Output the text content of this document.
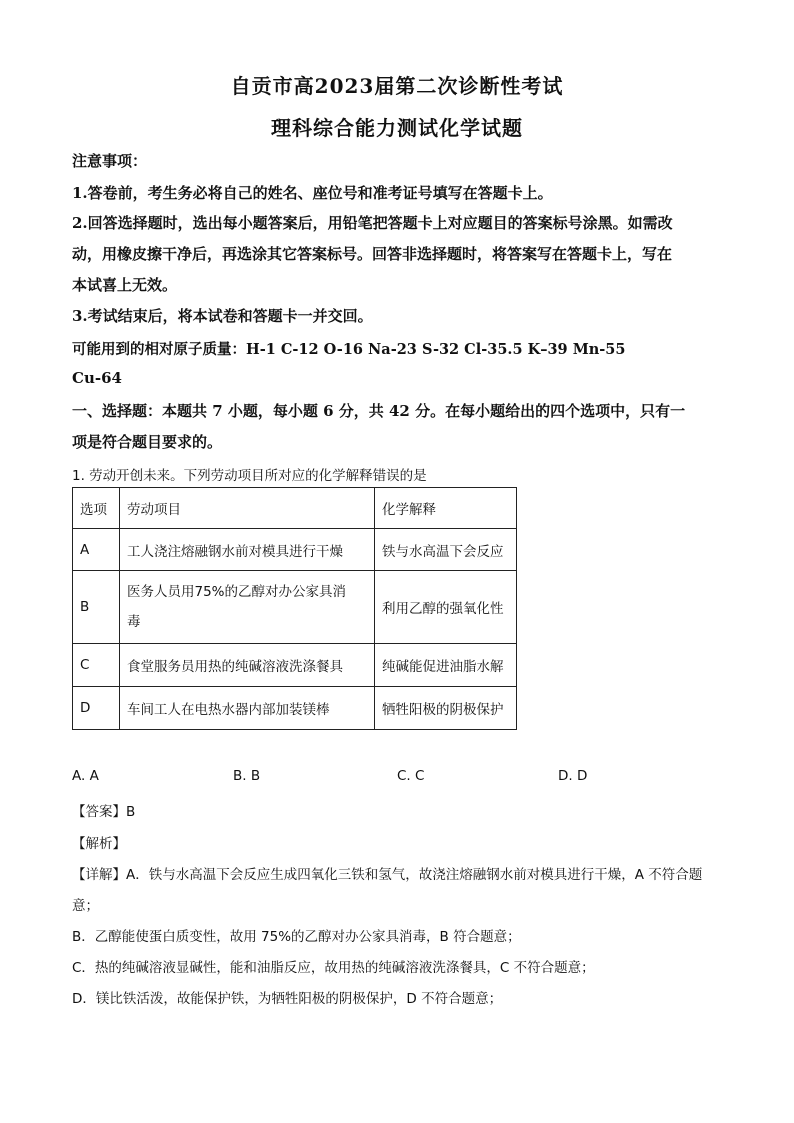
自贡市高2023届第二次诊断性考试
理科综合能力测试化学试题
注意事项：
1.答卷前，考生务必将自己的姓名、座位号和准考证号填写在答题卡上。
2.回答选择题时，选出每小题答案后，用铅笔把答题卡上对应题目的答案标号涂黑。如需改
动，用橡皮擦干净后，再选涂其它答案标号。回答非选择题时，将答案写在答题卡上，写在
本试喜上无效。
3.考试结束后，将本试卷和答题卡一并交回。
可能用到的相对原子质量：H-1 C-12 O-16 Na-23 S-32 Cl-35.5 K–39 Mn-55
Cu-64
一、选择题：本题共 7 小题，每小题 6 分，共 42 分。在每小题给出的四个选项中，只有一
项是符合题目要求的。
1. 劳动开创未来。下列劳动项目所对应的化学解释错误的是
选项	劳动项目	化学解释
A	工人浇注熔融钢水前对模具进行干燥	铁与水高温下会反应
B	医务人员用75%的乙醇对办公家具消
毒	利用乙醇的强氧化性
C	食堂服务员用热的纯碱溶液洗涤餐具	纯碱能促进油脂水解
D	车间工人在电热水器内部加装镁棒	牺牲阳极的阴极保护
A. A	B. B	C. C	D. D
【答案】B
【解析】
【详解】A．铁与水高温下会反应生成四氧化三铁和氢气，故浇注熔融钢水前对模具进行干燥，A 不符合题
意；
B．乙醇能使蛋白质变性，故用 75%的乙醇对办公家具消毒，B 符合题意；
C．热的纯碱溶液显碱性，能和油脂反应，故用热的纯碱溶液洗涤餐具，C 不符合题意；
D．镁比铁活泼，故能保护铁，为牺牲阳极的阴极保护，D 不符合题意；
